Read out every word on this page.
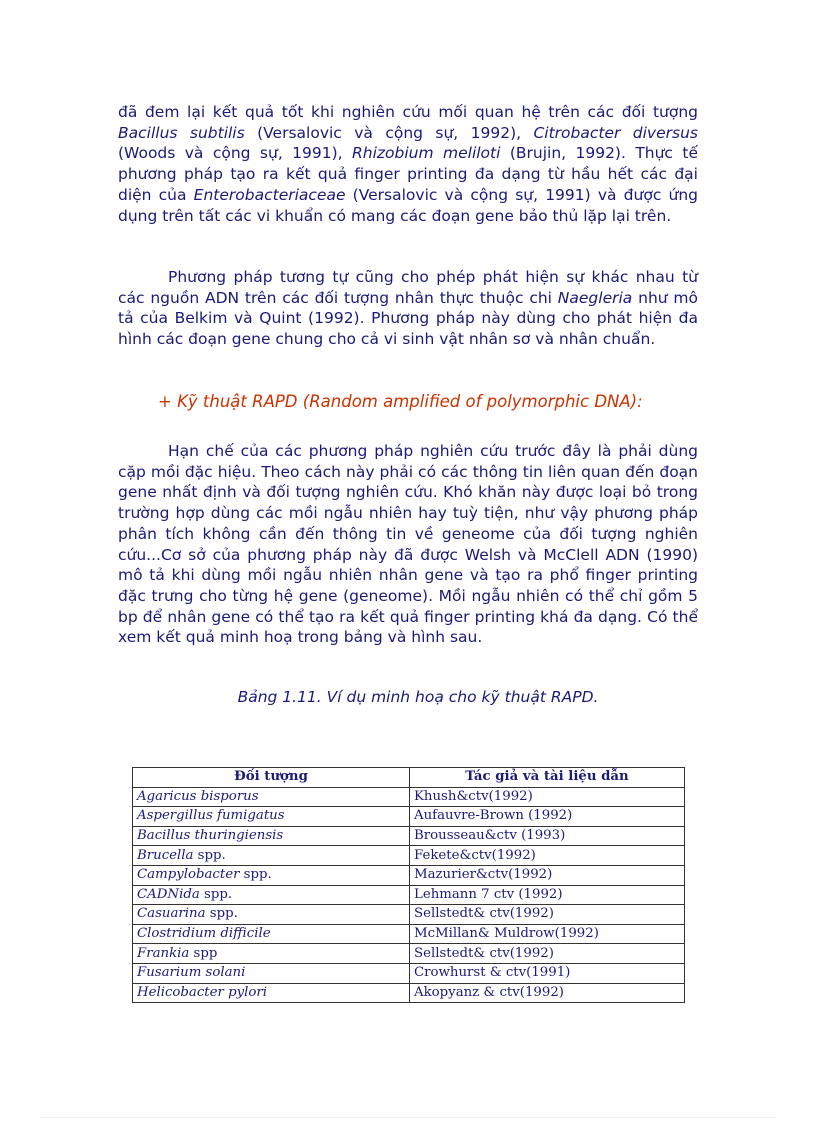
đã đem lại kết quả tốt khi nghiên cứu mối quan hệ trên các đối tượng Bacillus subtilis (Versalovic và cộng sự, 1992), Citrobacter diversus (Woods và cộng sự, 1991), Rhizobium meliloti (Brujin, 1992). Thực tế phương pháp tạo ra kết quả finger printing đa dạng từ hầu hết các đại diện của Enterobacteriaceae (Versalovic và cộng sự, 1991) và được ứng dụng trên tất các vi khuẩn có mang các đoạn gene bảo thủ lặp lại trên.

Phương pháp tương tự cũng cho phép phát hiện sự khác nhau từ các nguồn ADN trên các đối tượng nhân thực thuộc chi Naegleria như mô tả của Belkim và Quint (1992). Phương pháp này dùng cho phát hiện đa hình các đoạn gene chung cho cả vi sinh vật nhân sơ và nhân chuẩn.

+ Kỹ thuật RAPD (Random amplified of polymorphic DNA):

Hạn chế của các phương pháp nghiên cứu trước đây là phải dùng cặp mồi đặc hiệu. Theo cách này phải có các thông tin liên quan đến đoạn gene nhất định và đối tượng nghiên cứu. Khó khăn này được loại bỏ trong trường hợp dùng các mồi ngẫu nhiên hay tuỳ tiện, như vậy phương pháp phân tích không cần đến thông tin về geneome của đối tượng nghiên cứu...Cơ sở của phương pháp này đã được Welsh và McClell ADN (1990) mô tả khi dùng mồi ngẫu nhiên nhân gene và tạo ra phổ finger printing đặc trưng cho từng hệ gene (geneome). Mồi ngẫu nhiên có thể chỉ gồm 5 bp để nhân gene có thể tạo ra kết quả finger printing khá đa dạng. Có thể xem kết quả minh hoạ trong bảng và hình sau.

Bảng 1.11. Ví dụ minh hoạ cho kỹ thuật RAPD.

Đối tượng	Tác giả và tài liệu dẫn
Agaricus bisporus	Khush&ctv(1992)
Aspergillus fumigatus	Aufauvre-Brown (1992)
Bacillus thuringiensis	Brousseau&ctv (1993)
Brucella spp.	Fekete&ctv(1992)
Campylobacter spp.	Mazurier&ctv(1992)
CADNida spp.	Lehmann 7 ctv (1992)
Casuarina spp.	Sellstedt& ctv(1992)
Clostridium difficile	McMillan& Muldrow(1992)
Frankia spp	Sellstedt& ctv(1992)
Fusarium solani	Crowhurst & ctv(1991)
Helicobacter pylori	Akopyanz & ctv(1992)
